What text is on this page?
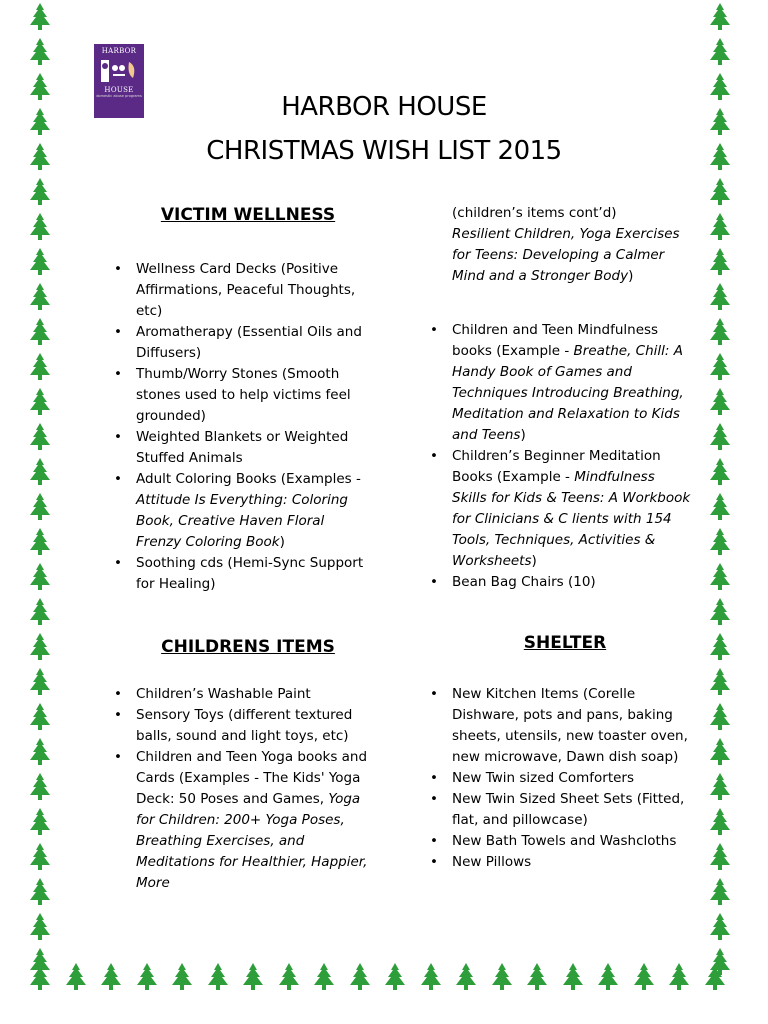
HARBOR
HOUSE
domestic abuse programs	HARBOR HOUSE
CHRISTMAS WISH LIST 2015
VICTIM WELLNESS
• Wellness Card Decks (Positive Affirmations, Peaceful Thoughts, etc)
• Aromatherapy (Essential Oils and Diffusers)
• Thumb/Worry Stones (Smooth stones used to help victims feel grounded)
• Weighted Blankets or Weighted Stuffed Animals
• Adult Coloring Books (Examples - Attitude Is Everything: Coloring Book, Creative Haven Floral Frenzy Coloring Book)
• Soothing cds (Hemi-Sync Support for Healing)
CHILDRENS ITEMS
• Children’s Washable Paint
• Sensory Toys (different textured balls, sound and light toys, etc)
• Children and Teen Yoga books and Cards (Examples - The Kids' Yoga Deck: 50 Poses and Games, Yoga for Children: 200+ Yoga Poses, Breathing Exercises, and Meditations for Healthier, Happier, More
(children’s items cont’d)
Resilient Children, Yoga Exercises for Teens: Developing a Calmer Mind and a Stronger Body)
• Children and Teen Mindfulness books (Example - Breathe, Chill: A Handy Book of Games and Techniques Introducing Breathing, Meditation and Relaxation to Kids and Teens)
• Children’s Beginner Meditation Books (Example - Mindfulness Skills for Kids & Teens: A Workbook for Clinicians & C lients with 154 Tools, Techniques, Activities & Worksheets)
• Bean Bag Chairs (10)
SHELTER
• New Kitchen Items (Corelle Dishware, pots and pans, baking sheets, utensils, new toaster oven, new microwave, Dawn dish soap)
• New Twin sized Comforters
• New Twin Sized Sheet Sets (Fitted, flat, and pillowcase)
• New Bath Towels and Washcloths
• New Pillows
